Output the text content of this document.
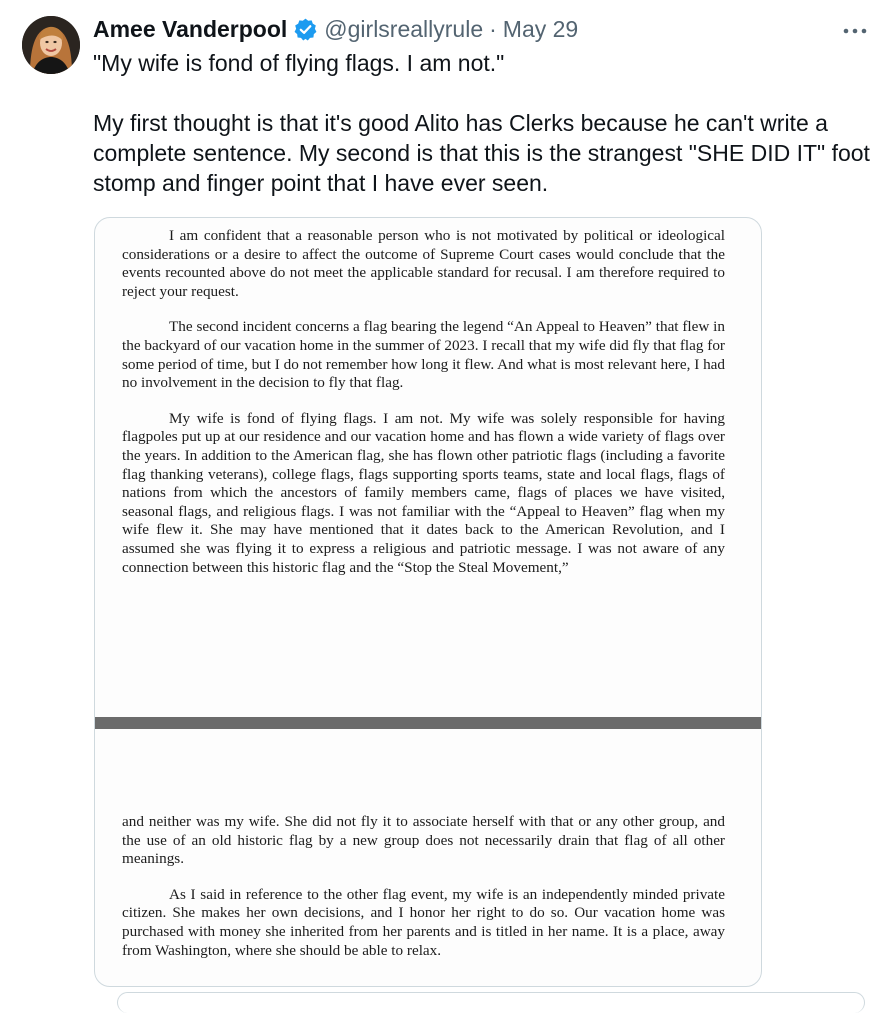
Amee Vanderpool @girlsreallyrule · May 29

"My wife is fond of flying flags. I am not."

My first thought is that it's good Alito has Clerks because he can't write a complete sentence. My second is that this is the strangest "SHE DID IT" foot stomp and finger point that I have ever seen.

I am confident that a reasonable person who is not motivated by political or ideological considerations or a desire to affect the outcome of Supreme Court cases would conclude that the events recounted above do not meet the applicable standard for recusal. I am therefore required to reject your request.

The second incident concerns a flag bearing the legend “An Appeal to Heaven” that flew in the backyard of our vacation home in the summer of 2023. I recall that my wife did fly that flag for some period of time, but I do not remember how long it flew. And what is most relevant here, I had no involvement in the decision to fly that flag.

My wife is fond of flying flags. I am not. My wife was solely responsible for having flagpoles put up at our residence and our vacation home and has flown a wide variety of flags over the years. In addition to the American flag, she has flown other patriotic flags (including a favorite flag thanking veterans), college flags, flags supporting sports teams, state and local flags, flags of nations from which the ancestors of family members came, flags of places we have visited, seasonal flags, and religious flags. I was not familiar with the “Appeal to Heaven” flag when my wife flew it. She may have mentioned that it dates back to the American Revolution, and I assumed she was flying it to express a religious and patriotic message. I was not aware of any connection between this historic flag and the “Stop the Steal Movement,”

and neither was my wife. She did not fly it to associate herself with that or any other group, and the use of an old historic flag by a new group does not necessarily drain that flag of all other meanings.

As I said in reference to the other flag event, my wife is an independently minded private citizen. She makes her own decisions, and I honor her right to do so. Our vacation home was purchased with money she inherited from her parents and is titled in her name. It is a place, away from Washington, where she should be able to relax.
